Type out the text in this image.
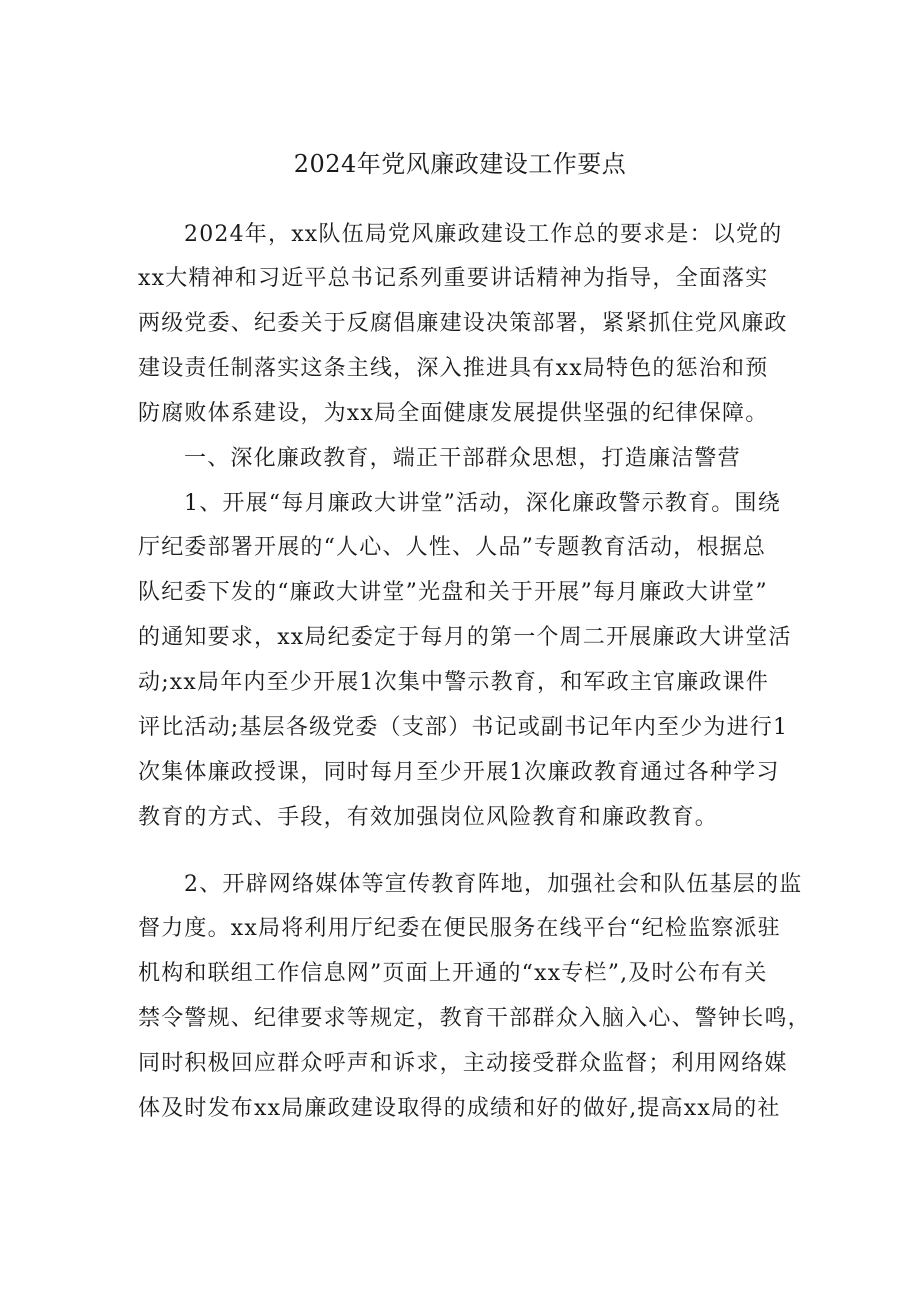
2024年党风廉政建设工作要点
2024年，xx队伍局党风廉政建设工作总的要求是：以党的
xx大精神和习近平总书记系列重要讲话精神为指导，全面落实
两级党委、纪委关于反腐倡廉建设决策部署，紧紧抓住党风廉政
建设责任制落实这条主线，深入推进具有xx局特色的惩治和预
防腐败体系建设，为xx局全面健康发展提供坚强的纪律保障。
一、深化廉政教育，端正干部群众思想，打造廉洁警营
1、开展“每月廉政大讲堂”活动，深化廉政警示教育。围绕
厅纪委部署开展的“人心、人性、人品”专题教育活动，根据总
队纪委下发的“廉政大讲堂”光盘和关于开展”每月廉政大讲堂”
的通知要求，xx局纪委定于每月的第一个周二开展廉政大讲堂活
动;xx局年内至少开展1次集中警示教育，和军政主官廉政课件
评比活动;基层各级党委（支部）书记或副书记年内至少为进行1
次集体廉政授课，同时每月至少开展1次廉政教育通过各种学习
教育的方式、手段，有效加强岗位风险教育和廉政教育。
2、开辟网络媒体等宣传教育阵地，加强社会和队伍基层的监
督力度。xx局将利用厅纪委在便民服务在线平台“纪检监察派驻
机构和联组工作信息网”页面上开通的“xx专栏”,及时公布有关
禁令警规、纪律要求等规定，教育干部群众入脑入心、警钟长鸣，
同时积极回应群众呼声和诉求，主动接受群众监督；利用网络媒
体及时发布xx局廉政建设取得的成绩和好的做好,提高xx局的社
